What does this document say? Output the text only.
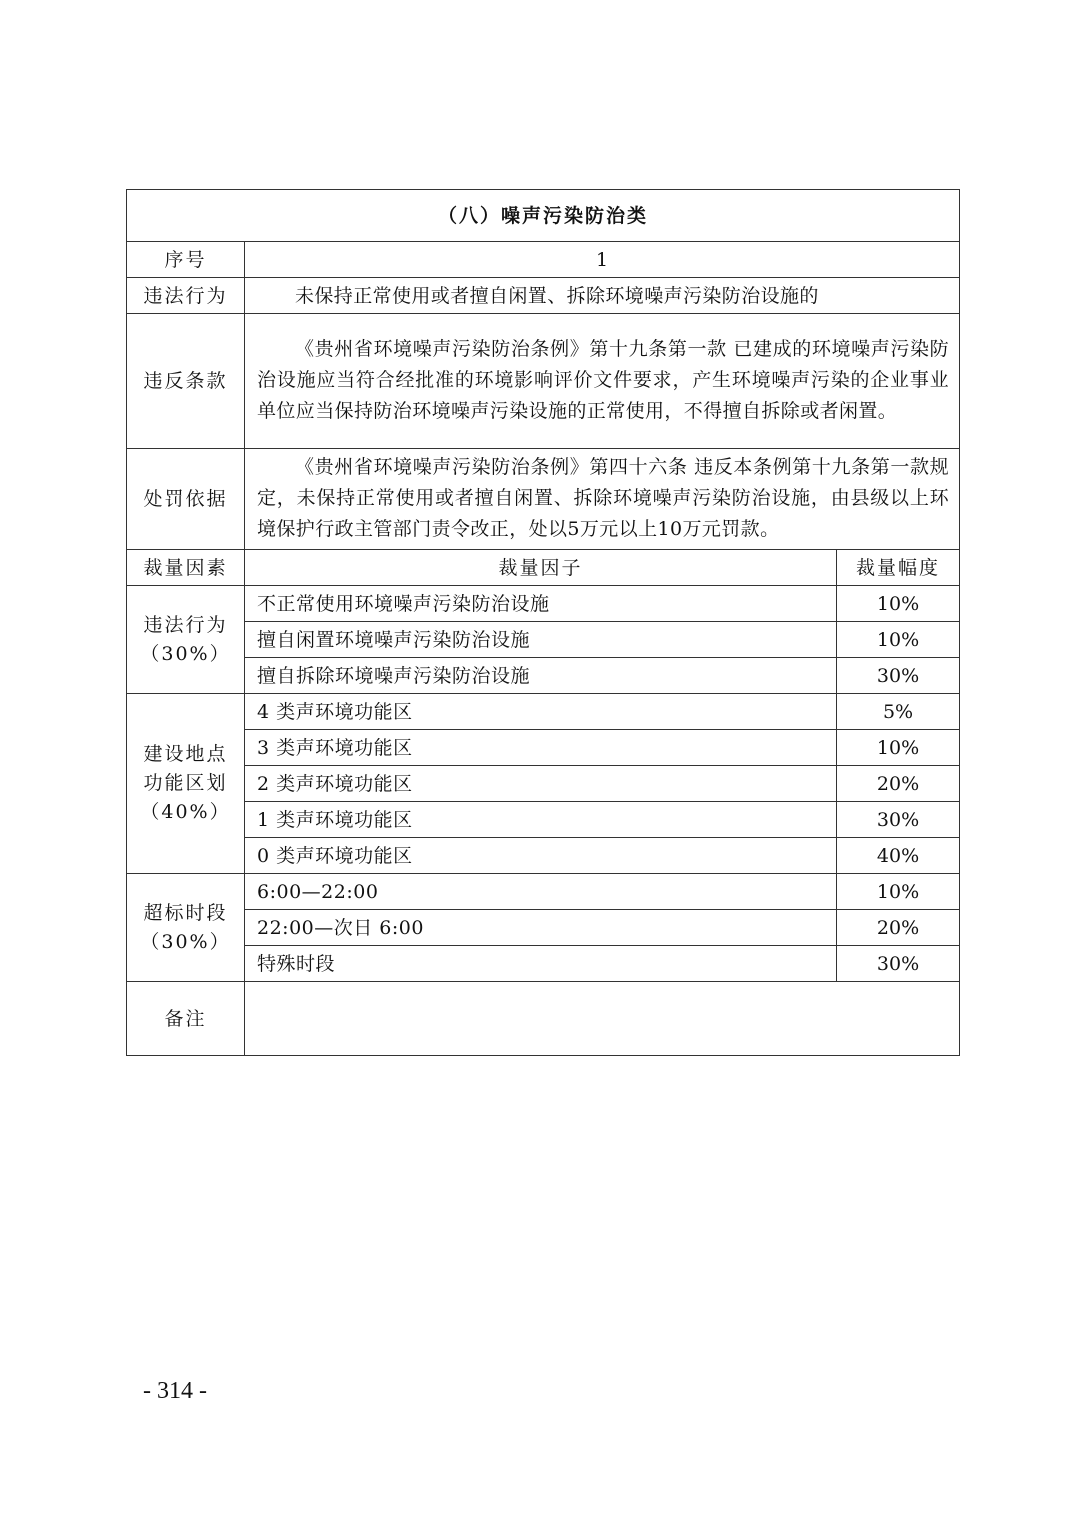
（八）噪声污染防治类		
序号	1	
违法行为	未保持正常使用或者擅自闲置、拆除环境噪声污染防治设施的	
违反条款	《贵州省环境噪声污染防治条例》第十九条第一款 已建成的环境噪声污染防治设施应当符合经批准的环境影响评价文件要求，产生环境噪声污染的企业事业单位应当保持防治环境噪声污染设施的正常使用，不得擅自拆除或者闲置。	
处罚依据	《贵州省环境噪声污染防治条例》第四十六条 违反本条例第十九条第一款规定，未保持正常使用或者擅自闲置、拆除环境噪声污染防治设施，由县级以上环境保护行政主管部门责令改正，处以5万元以上10万元罚款。	
裁量因素	裁量因子	裁量幅度

违法行为
（30%）	不正常使用环境噪声污染防治设施	10%
	擅自闲置环境噪声污染防治设施	10%
	擅自拆除环境噪声污染防治设施	30%

建设地点
功能区划
（40%）	4 类声环境功能区	5%
	3 类声环境功能区	10%
	2 类声环境功能区	20%
	1 类声环境功能区	30%
	0 类声环境功能区	40%

超标时段
（30%）	6:00—22:00	10%
	22:00—次日 6:00	20%
	特殊时段	30%
备注		
- 314 -
